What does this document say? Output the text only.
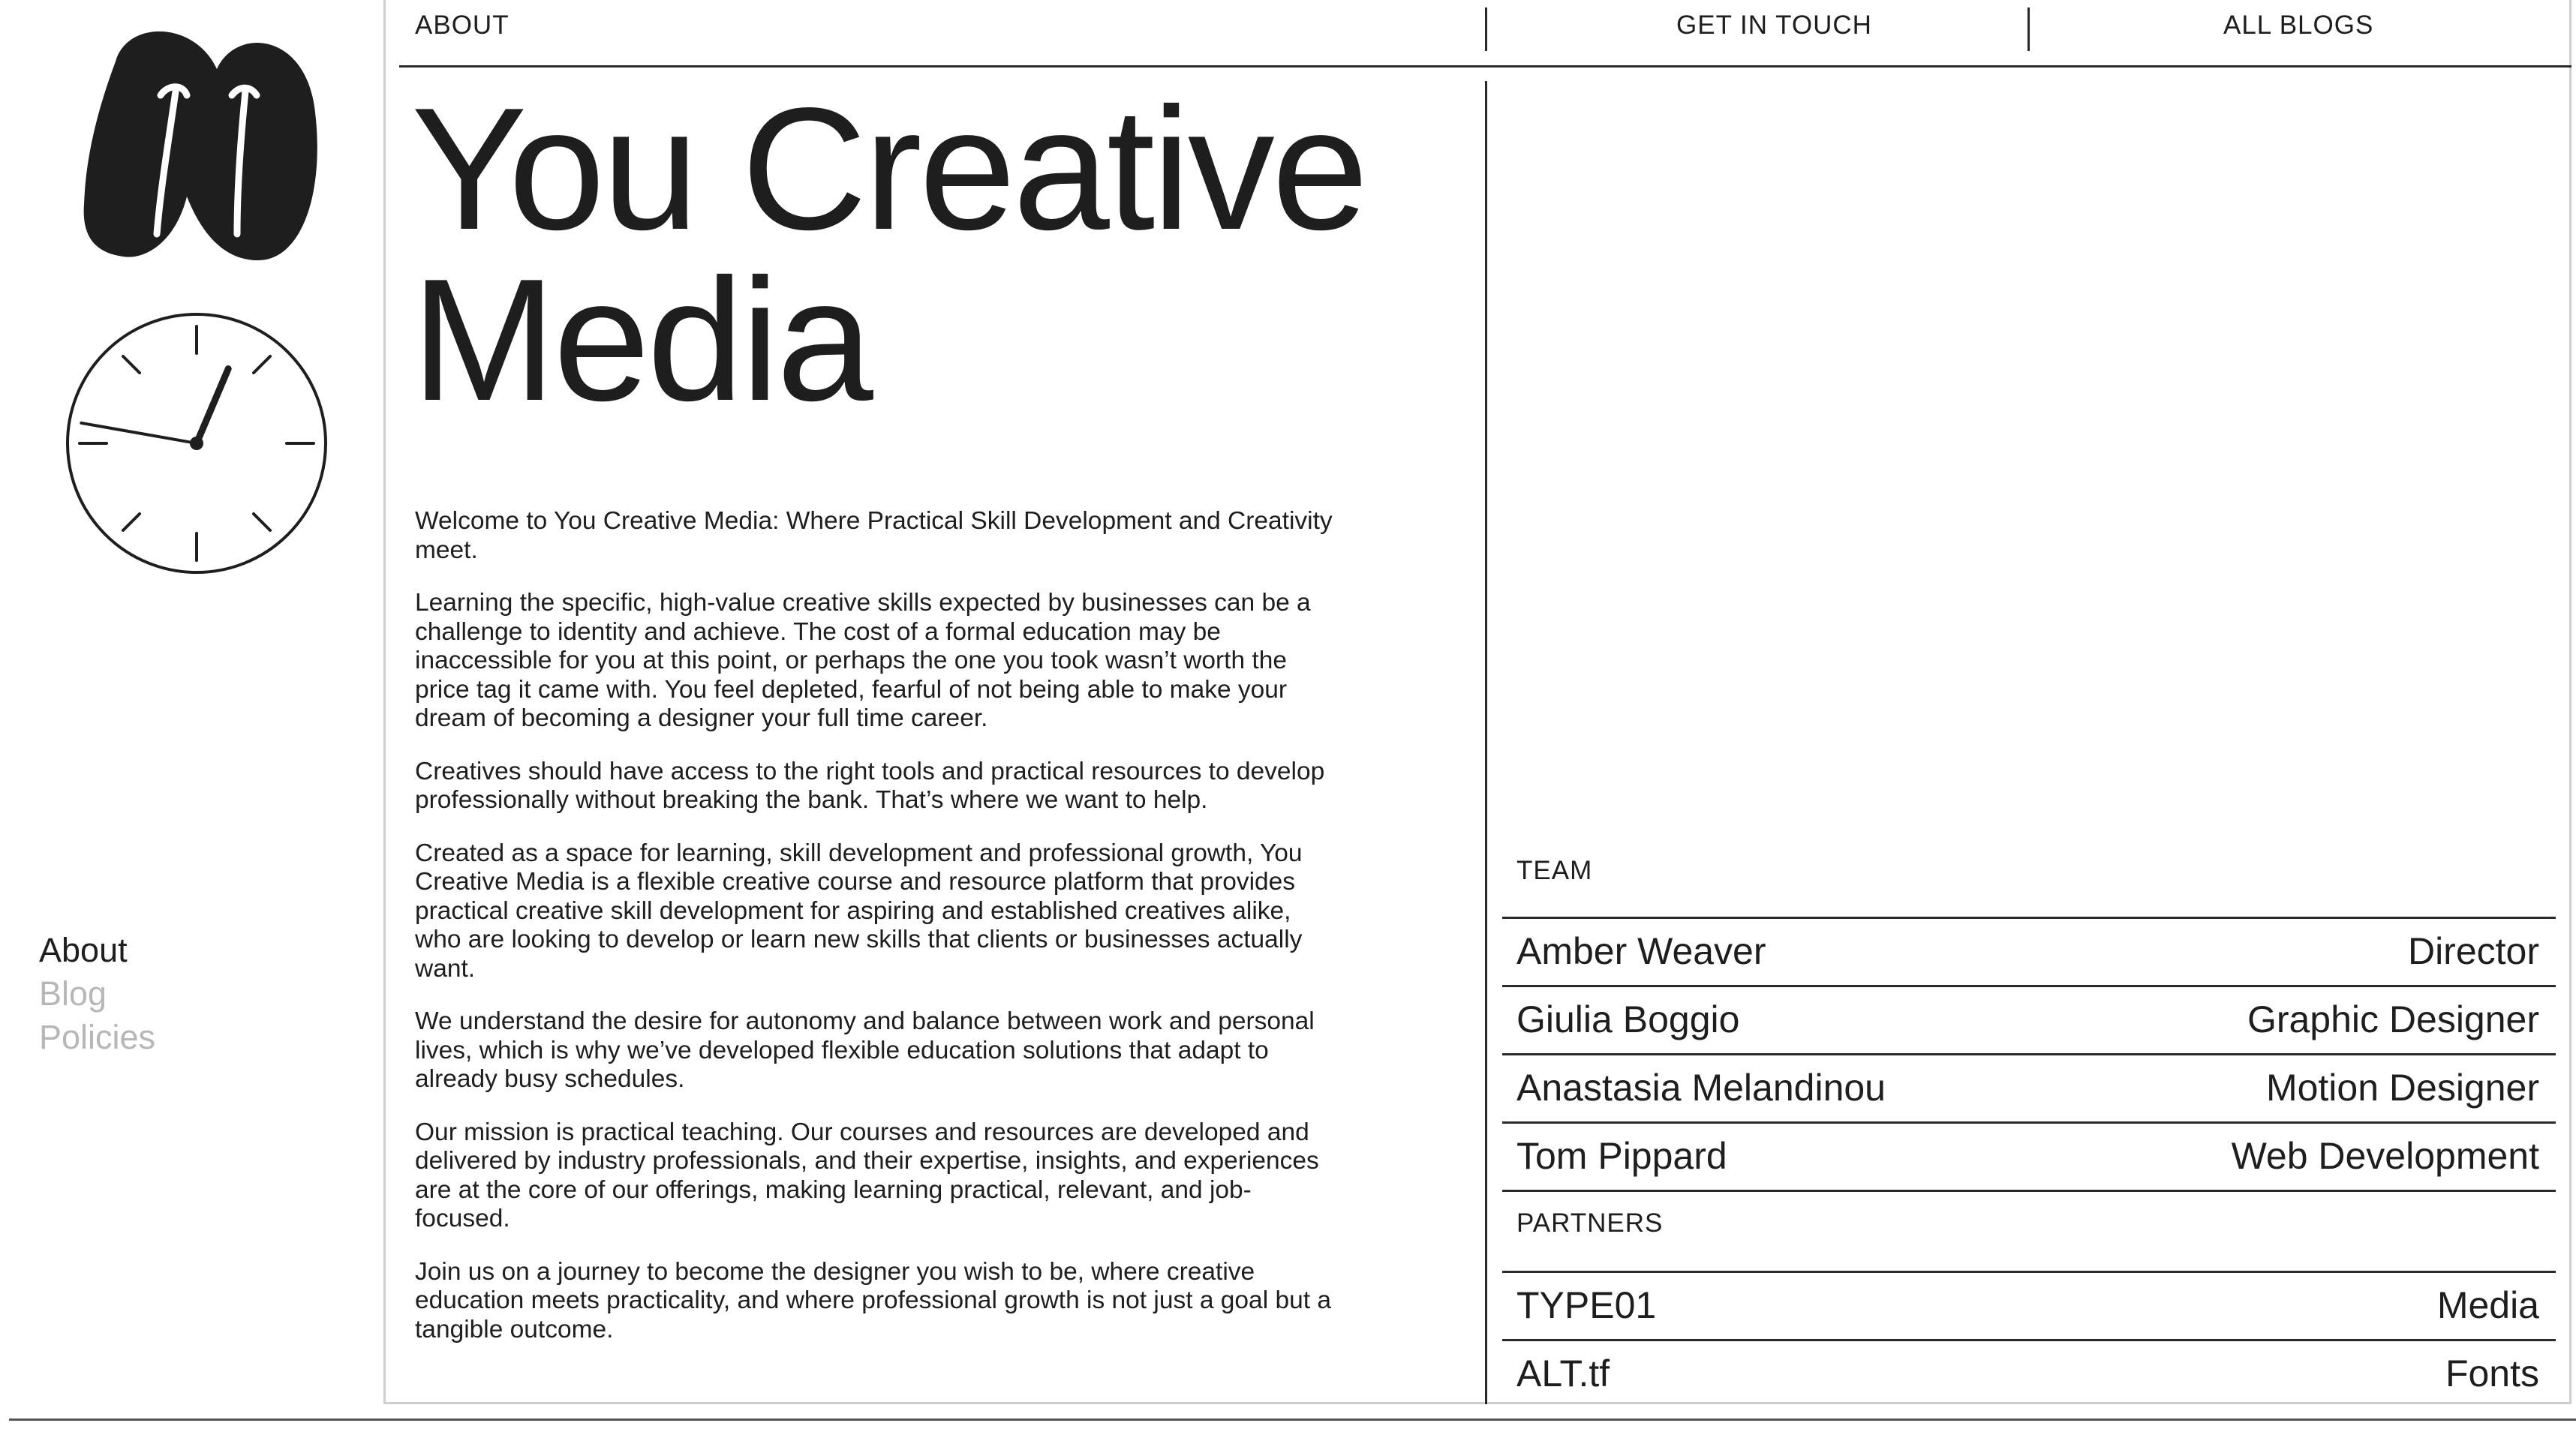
About
Blog
Policies
ABOUT	GET IN TOUCH	ALL BLOGS
You Creative
Media

Welcome to You Creative Media: Where Practical Skill Development and Creativity meet.

Learning the specific, high-value creative skills expected by businesses can be a challenge to identity and achieve. The cost of a formal education may be inaccessible for you at this point, or perhaps the one you took wasn’t worth the price tag it came with. You feel depleted, fearful of not being able to make your dream of becoming a designer your full time career.

Creatives should have access to the right tools and practical resources to develop professionally without breaking the bank. That’s where we want to help.

Created as a space for learning, skill development and professional growth, You Creative Media is a flexible creative course and resource platform that provides practical creative skill development for aspiring and established creatives alike, who are looking to develop or learn new skills that clients or businesses actually want.

We understand the desire for autonomy and balance between work and personal lives, which is why we’ve developed flexible education solutions that adapt to already busy schedules.

Our mission is practical teaching. Our courses and resources are developed and delivered by industry professionals, and their expertise, insights, and experiences are at the core of our offerings, making learning practical, relevant, and job-focused.

Join us on a journey to become the designer you wish to be, where creative education meets practicality, and where professional growth is not just a goal but a tangible outcome.

TEAM
Amber Weaver	Director
Giulia Boggio	Graphic Designer
Anastasia Melandinou	Motion Designer
Tom Pippard	Web Development
PARTNERS
TYPE01	Media
ALT.tf	Fonts
